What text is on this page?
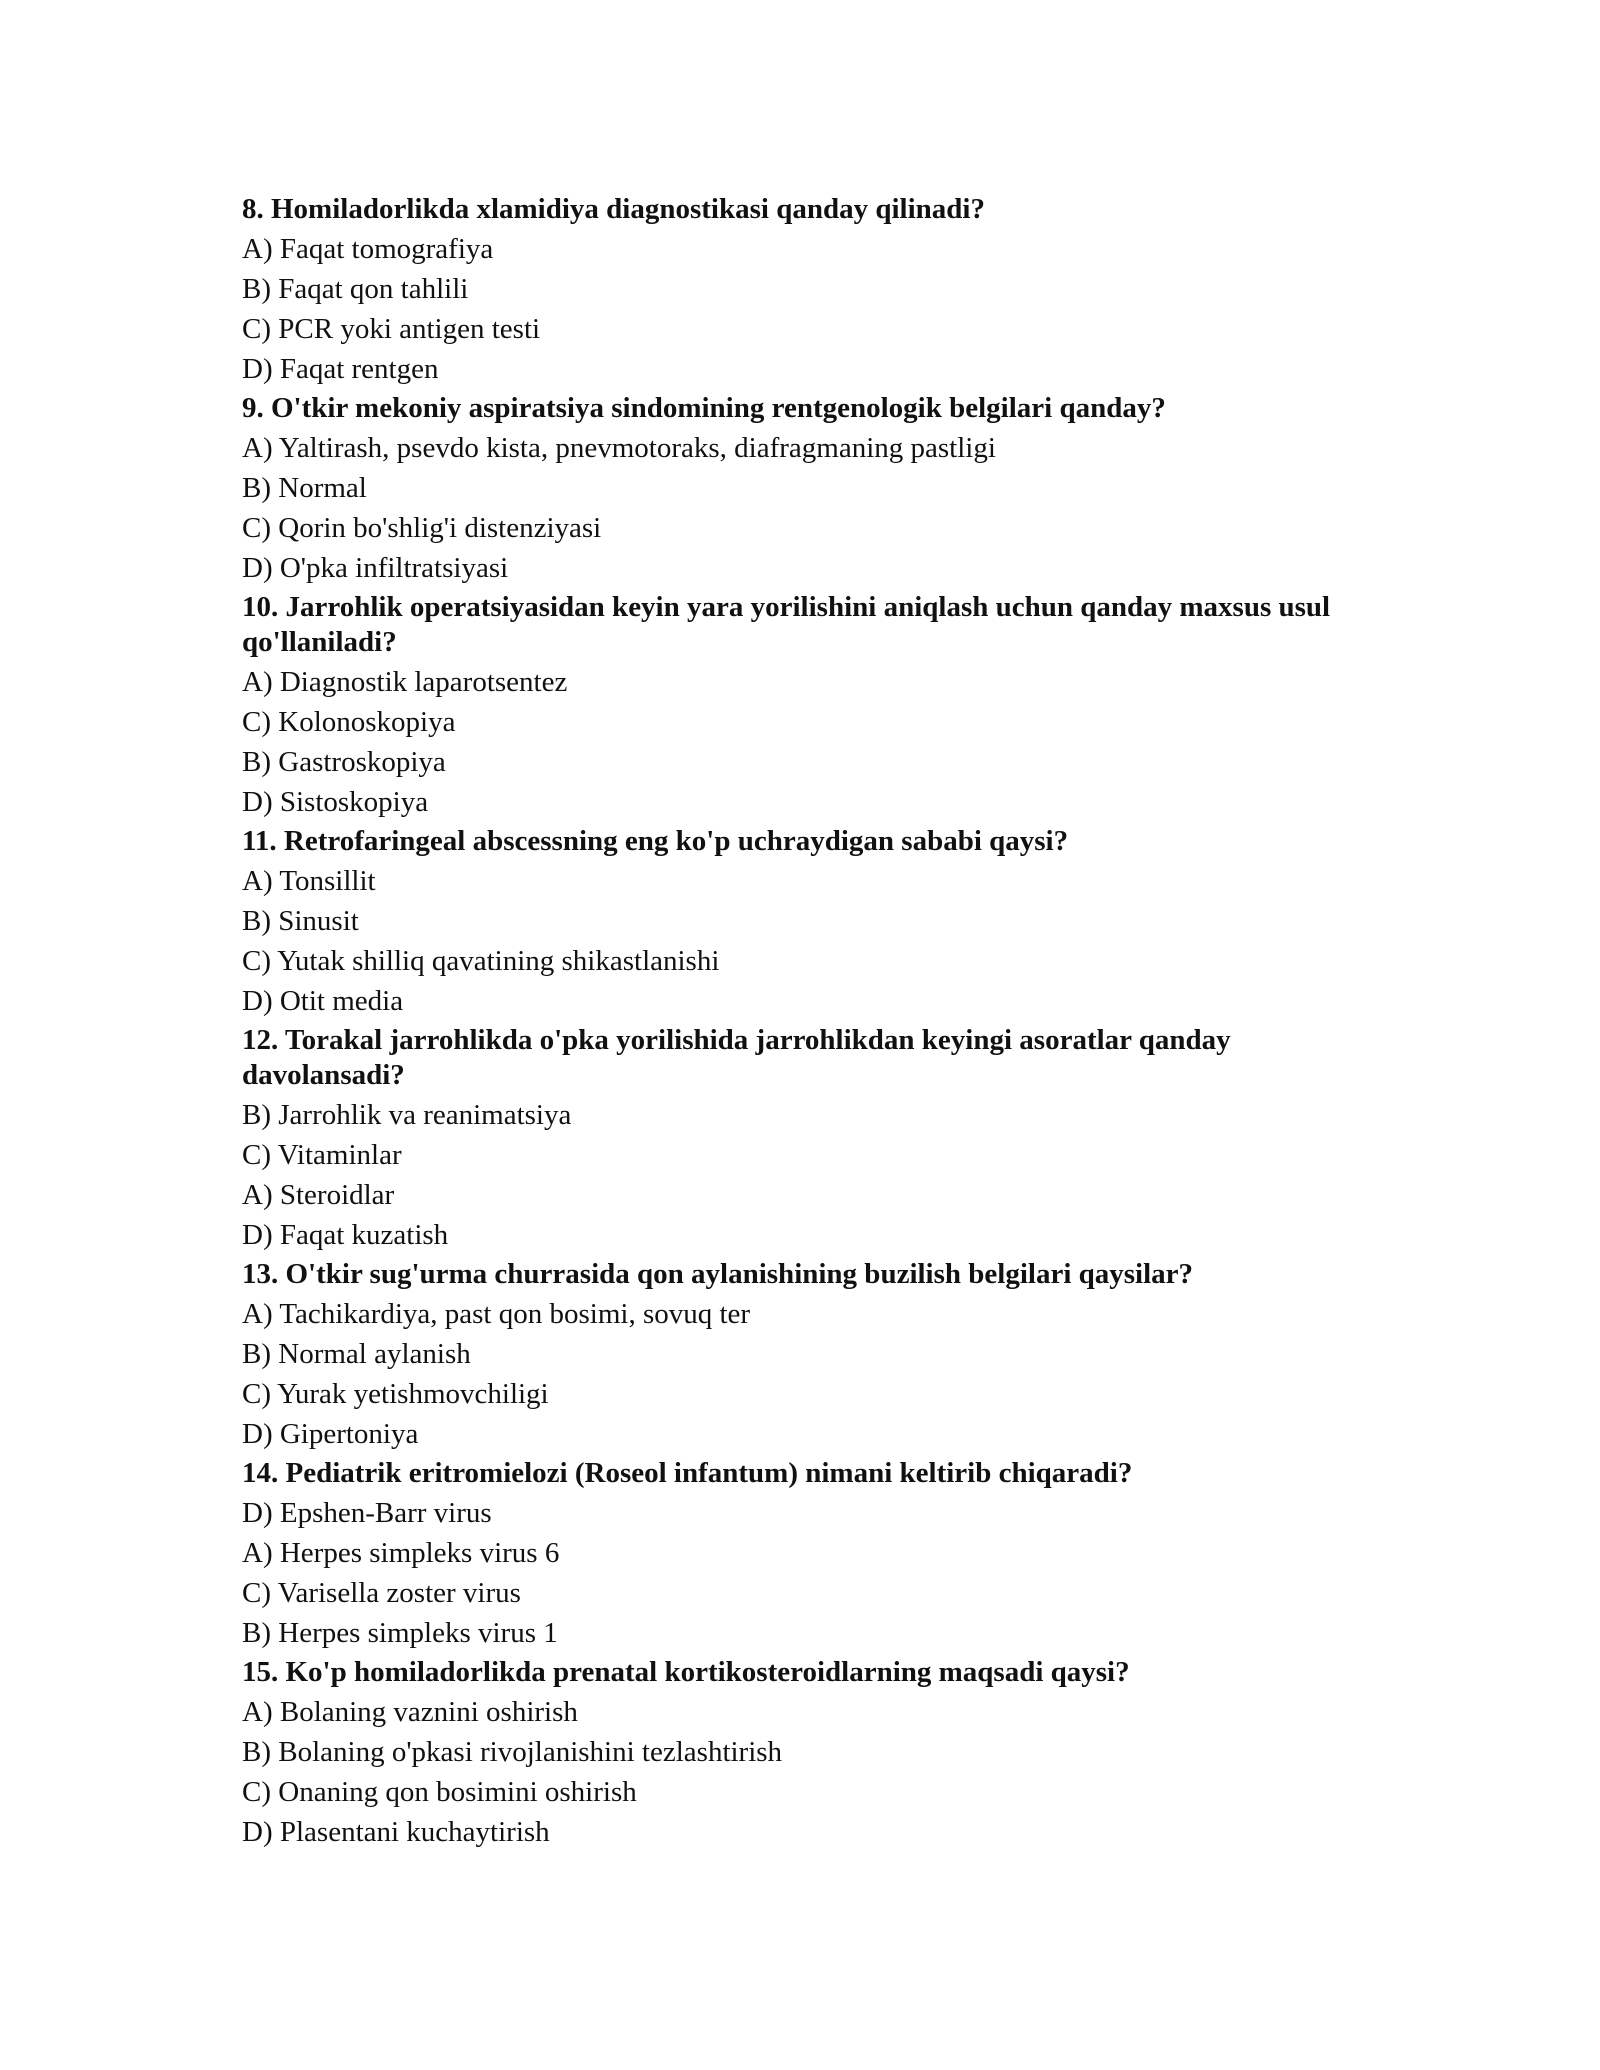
8. Homiladorlikda xlamidiya diagnostikasi qanday qilinadi?

A) Faqat tomografiya

B) Faqat qon tahlili

C) PCR yoki antigen testi

D) Faqat rentgen

9. O'tkir mekoniy aspiratsiya sindomining rentgenologik belgilari qanday?

A) Yaltirash, psevdo kista, pnevmotoraks, diafragmaning pastligi

B) Normal

C) Qorin bo'shlig'i distenziyasi

D) O'pka infiltratsiyasi

10. Jarrohlik operatsiyasidan keyin yara yorilishini aniqlash uchun qanday maxsus usul qo'llaniladi?

A) Diagnostik laparotsentez

C) Kolonoskopiya

B) Gastroskopiya

D) Sistoskopiya

11. Retrofaringeal abscessning eng ko'p uchraydigan sababi qaysi?

A) Tonsillit

B) Sinusit

C) Yutak shilliq qavatining shikastlanishi

D) Otit media

12. Torakal jarrohlikda o'pka yorilishida jarrohlikdan keyingi asoratlar qanday davolansadi?

B) Jarrohlik va reanimatsiya

C) Vitaminlar

A) Steroidlar

D) Faqat kuzatish

13. O'tkir sug'urma churrasida qon aylanishining buzilish belgilari qaysilar?

A) Tachikardiya, past qon bosimi, sovuq ter

B) Normal aylanish

C) Yurak yetishmovchiligi

D) Gipertoniya

14. Pediatrik eritromielozi (Roseol infantum) nimani keltirib chiqaradi?

D) Epshen-Barr virus

A) Herpes simpleks virus 6

C) Varisella zoster virus

B) Herpes simpleks virus 1

15. Ko'p homiladorlikda prenatal kortikosteroidlarning maqsadi qaysi?

A) Bolaning vaznini oshirish

B) Bolaning o'pkasi rivojlanishini tezlashtirish

C) Onaning qon bosimini oshirish

D) Plasentani kuchaytirish
